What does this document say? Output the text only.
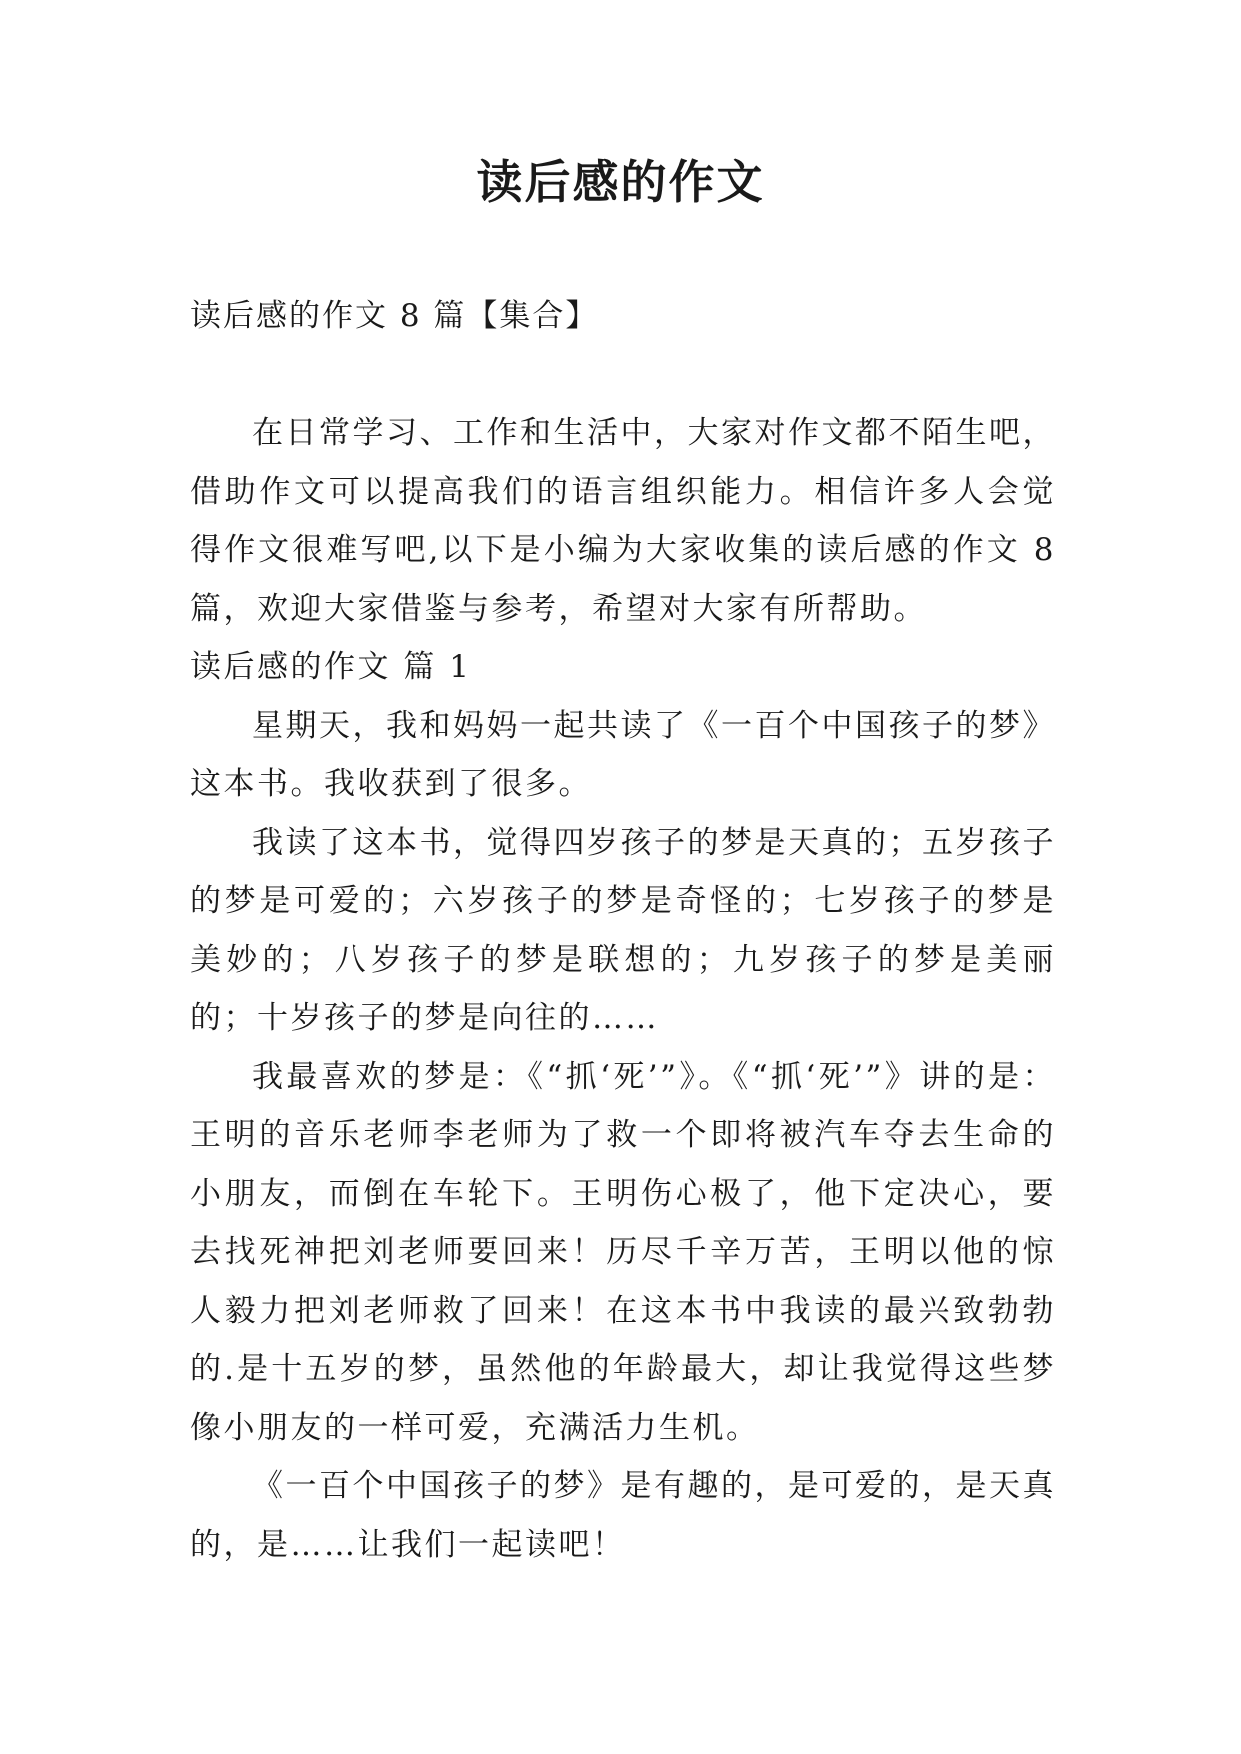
读后感的作文
读后感的作文 8 篇【集合】

在日常学习、工作和生活中，大家对作文都不陌生吧，借助作文可以提高我们的语言组织能力。相信许多人会觉得作文很难写吧,以下是小编为大家收集的读后感的作文 8 篇，欢迎大家借鉴与参考，希望对大家有所帮助。

读后感的作文 篇 1

星期天，我和妈妈一起共读了《一百个中国孩子的梦》这本书。我收获到了很多。

我读了这本书，觉得四岁孩子的梦是天真的；五岁孩子的梦是可爱的；六岁孩子的梦是奇怪的；七岁孩子的梦是美妙的；八岁孩子的梦是联想的；九岁孩子的梦是美丽的；十岁孩子的梦是向往的……

我最喜欢的梦是：《“抓‘死’”》。《“抓‘死’”》讲的是：王明的音乐老师李老师为了救一个即将被汽车夺去生命的小朋友，而倒在车轮下。王明伤心极了，他下定决心，要去找死神把刘老师要回来！历尽千辛万苦，王明以他的惊人毅力把刘老师救了回来！在这本书中我读的最兴致勃勃的.是十五岁的梦，虽然他的年龄最大，却让我觉得这些梦像小朋友的一样可爱，充满活力生机。

《一百个中国孩子的梦》是有趣的，是可爱的，是天真的，是……让我们一起读吧！
